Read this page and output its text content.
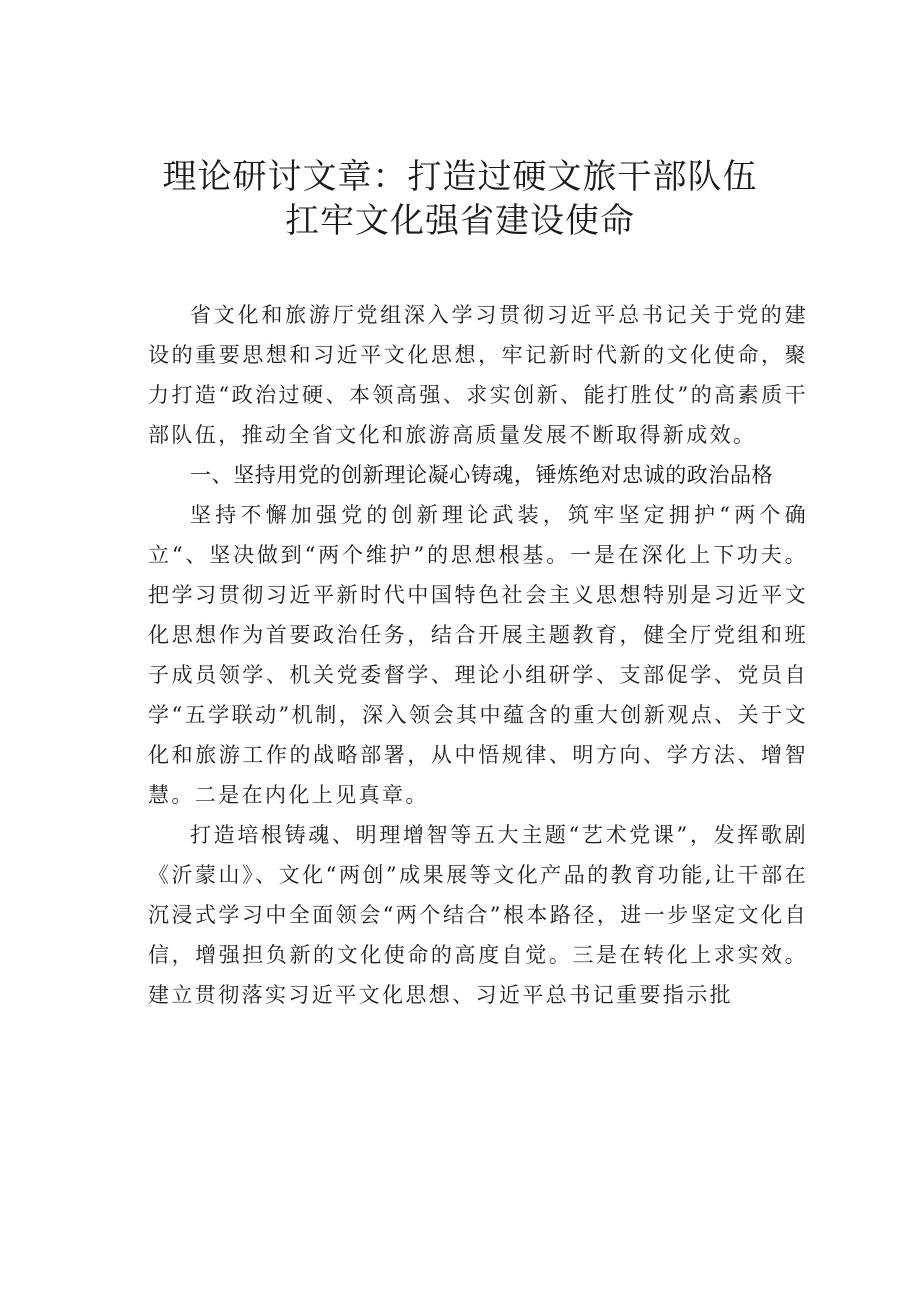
理论研讨文章：打造过硬文旅干部队伍
扛牢文化强省建设使命

省文化和旅游厅党组深入学习贯彻习近平总书记关于党的建设的重要思想和习近平文化思想，牢记新时代新的文化使命，聚力打造“政治过硬、本领高强、求实创新、能打胜仗”的高素质干部队伍，推动全省文化和旅游高质量发展不断取得新成效。

一、坚持用党的创新理论凝心铸魂，锤炼绝对忠诚的政治品格

坚持不懈加强党的创新理论武装，筑牢坚定拥护“两个确立“、坚决做到“两个维护”的思想根基。一是在深化上下功夫。把学习贯彻习近平新时代中国特色社会主义思想特别是习近平文化思想作为首要政治任务，结合开展主题教育，健全厅党组和班子成员领学、机关党委督学、理论小组研学、支部促学、党员自学“五学联动”机制，深入领会其中蕴含的重大创新观点、关于文化和旅游工作的战略部署，从中悟规律、明方向、学方法、增智慧。二是在内化上见真章。

打造培根铸魂、明理增智等五大主题“艺术党课”，发挥歌剧《沂蒙山》、文化“两创”成果展等文化产品的教育功能,让干部在沉浸式学习中全面领会“两个结合”根本路径，进一步坚定文化自信，增强担负新的文化使命的高度自觉。三是在转化上求实效。建立贯彻落实习近平文化思想、习近平总书记重要指示批
